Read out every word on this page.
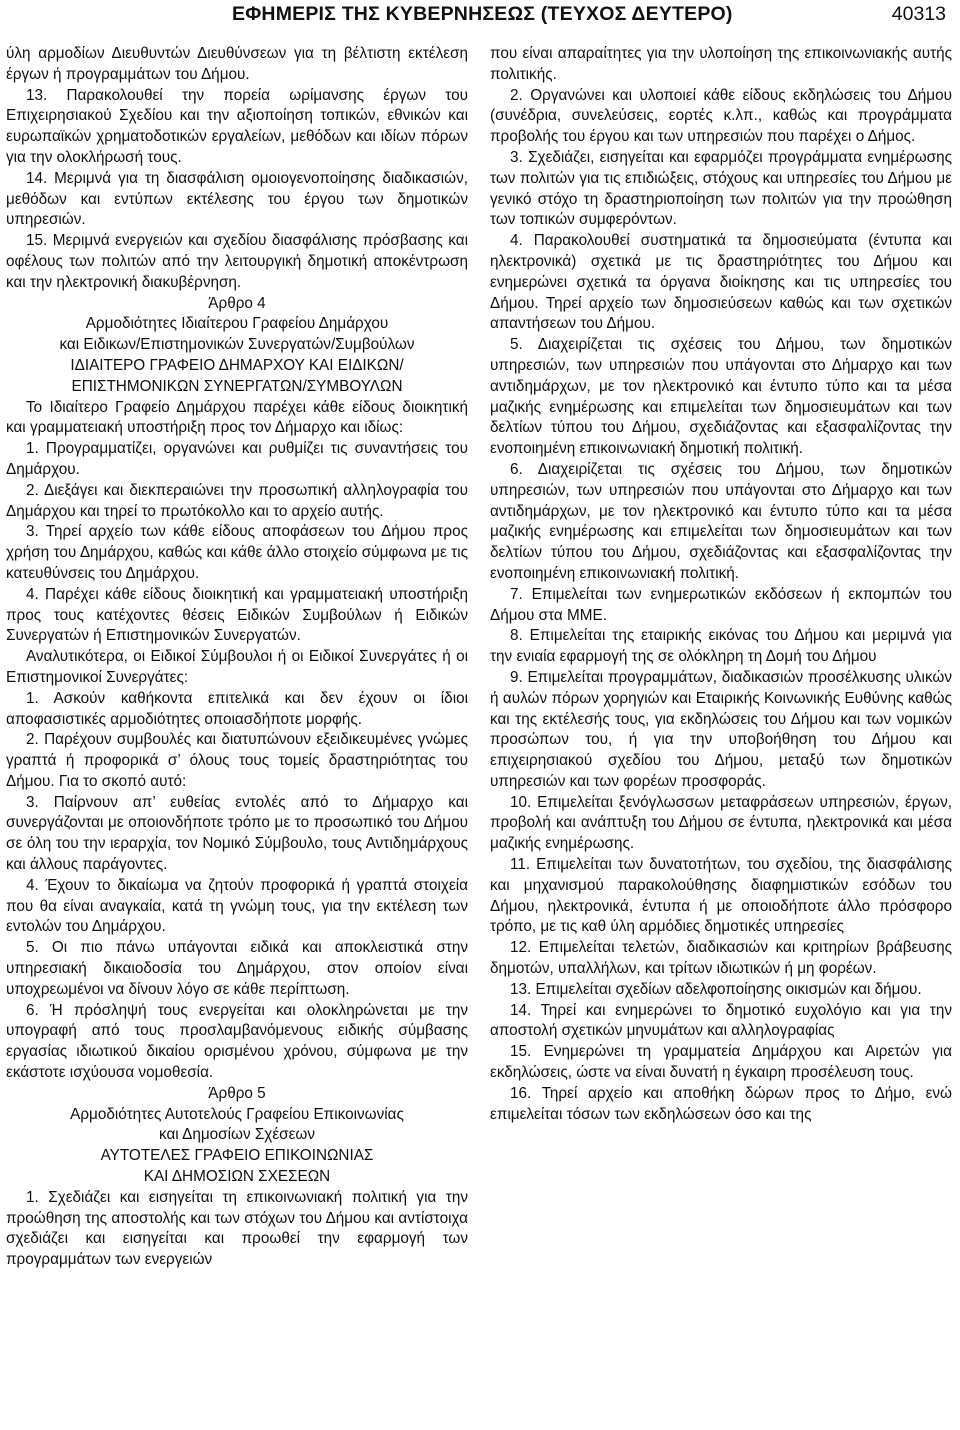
ΕΦΗΜΕΡΙΣ ΤΗΣ ΚΥΒΕΡΝΗΣΕΩΣ (ΤΕΥΧΟΣ ΔΕΥΤΕΡΟ)	40313

ύλη αρμοδίων Διευθυντών Διευθύνσεων για τη βέλτιστη εκτέλεση έργων ή προγραμμάτων του Δήμου.

13. Παρακολουθεί την πορεία ωρίμανσης έργων του Επιχειρησιακού Σχεδίου και την αξιοποίηση τοπικών, εθνικών και ευρωπαϊκών χρηματοδοτικών εργαλείων, μεθόδων και ιδίων πόρων για την ολοκλήρωσή τους.

14. Μεριμνά για τη διασφάλιση ομοιογενοποίησης διαδικασιών, μεθόδων και εντύπων εκτέλεσης του έργου των δημοτικών υπηρεσιών.

15. Μεριμνά ενεργειών και σχεδίου διασφάλισης πρόσβασης και οφέλους των πολιτών από την λειτουργική δημοτική αποκέντρωση και την ηλεκτρονική διακυβέρνηση.

Άρθρο 4

Αρμοδιότητες Ιδιαίτερου Γραφείου Δημάρχου

και Ειδικων/Επιστημονικών Συνεργατών/Συμβούλων

ΙΔΙΑΙΤΕΡΟ ΓΡΑΦΕΙΟ ΔΗΜΑΡΧΟΥ ΚΑΙ ΕΙΔΙΚΩΝ/

ΕΠΙΣΤΗΜΟΝΙΚΩΝ ΣΥΝΕΡΓΑΤΩΝ/ΣΥΜΒΟΥΛΩΝ

Το Ιδιαίτερο Γραφείο Δημάρχου παρέχει κάθε είδους διοικητική και γραμματειακή υποστήριξη προς τον Δήμαρχο και ιδίως:

1. Προγραμματίζει, οργανώνει και ρυθμίζει τις συναντήσεις του Δημάρχου.

2. Διεξάγει και διεκπεραιώνει την προσωπική αλληλογραφία του Δημάρχου και τηρεί το πρωτόκολλο και το αρχείο αυτής.

3. Τηρεί αρχείο των κάθε είδους αποφάσεων του Δήμου προς χρήση του Δημάρχου, καθώς και κάθε άλλο στοιχείο σύμφωνα με τις κατευθύνσεις του Δημάρχου.

4. Παρέχει κάθε είδους διοικητική και γραμματειακή υποστήριξη προς τους κατέχοντες θέσεις Ειδικών Συμβούλων ή Ειδικών Συνεργατών ή Επιστημονικών Συνεργατών.

Αναλυτικότερα, οι Ειδικοί Σύμβουλοι ή οι Ειδικοί Συνεργάτες ή οι Επιστημονικοί Συνεργάτες:

1. Ασκούν καθήκοντα επιτελικά και δεν έχουν οι ίδιοι αποφασιστικές αρμοδιότητες οποιασδήποτε μορφής.

2. Παρέχουν συμβουλές και διατυπώνουν εξειδικευμένες γνώμες γραπτά ή προφορικά σ’ όλους τους τομείς δραστηριότητας του Δήμου. Για το σκοπό αυτό:

3. Παίρνουν απ’ ευθείας εντολές από το Δήμαρχο και συνεργάζονται με οποιονδήποτε τρόπο με το προσωπικό του Δήμου σε όλη του την ιεραρχία, τον Νομικό Σύμβουλο, τους Αντιδημάρχους και άλλους παράγοντες.

4. Έχουν το δικαίωμα να ζητούν προφορικά ή γραπτά στοιχεία που θα είναι αναγκαία, κατά τη γνώμη τους, για την εκτέλεση των εντολών του Δημάρχου.

5. Οι πιο πάνω υπάγονται ειδικά και αποκλειστικά στην υπηρεσιακή δικαιοδοσία του Δημάρχου, στον οποίον είναι υποχρεωμένοι να δίνουν λόγο σε κάθε περίπτωση.

6. Ή πρόσληψή τους ενεργείται και ολοκληρώνεται με την υπογραφή από τους προσλαμβανόμενους ειδικής σύμβασης εργασίας ιδιωτικού δικαίου ορισμένου χρόνου, σύμφωνα με την εκάστοτε ισχύουσα νομοθεσία.

Άρθρο 5

Αρμοδιότητες Αυτοτελούς Γραφείου Επικοινωνίας

και Δημοσίων Σχέσεων

ΑΥΤΟΤΕΛΕΣ ΓΡΑΦΕΙΟ ΕΠΙΚΟΙΝΩΝΙΑΣ

ΚΑΙ ΔΗΜΟΣΙΩΝ ΣΧΕΣΕΩΝ

1. Σχεδιάζει και εισηγείται τη επικοινωνιακή πολιτική για την προώθηση της αποστολής και των στόχων του Δήμου και αντίστοιχα σχεδιάζει και εισηγείται και προωθεί την εφαρμογή των προγραμμάτων των ενεργειών

που είναι απαραίτητες για την υλοποίηση της επικοινωνιακής αυτής πολιτικής.

2. Οργανώνει και υλοποιεί κάθε είδους εκδηλώσεις του Δήμου (συνέδρια, συνελεύσεις, εορτές κ.λπ., καθώς και προγράμματα προβολής του έργου και των υπηρεσιών που παρέχει ο Δήμος.

3. Σχεδιάζει, εισηγείται και εφαρμόζει προγράμματα ενημέρωσης των πολιτών για τις επιδιώξεις, στόχους και υπηρεσίες του Δήμου με γενικό στόχο τη δραστηριοποίηση των πολιτών για την προώθηση των τοπικών συμφερόντων.

4. Παρακολουθεί συστηματικά τα δημοσιεύματα (έντυπα και ηλεκτρονικά) σχετικά με τις δραστηριότητες του Δήμου και ενημερώνει σχετικά τα όργανα διοίκησης και τις υπηρεσίες του Δήμου. Τηρεί αρχείο των δημοσιεύσεων καθώς και των σχετικών απαντήσεων του Δήμου.

5. Διαχειρίζεται τις σχέσεις του Δήμου, των δημοτικών υπηρεσιών, των υπηρεσιών που υπάγονται στο Δήμαρχο και των αντιδημάρχων, με τον ηλεκτρονικό και έντυπο τύπο και τα μέσα μαζικής ενημέρωσης και επιμελείται των δημοσιευμάτων και των δελτίων τύπου του Δήμου, σχεδιάζοντας και εξασφαλίζοντας την ενοποιημένη επικοινωνιακή δημοτική πολιτική.

6. Διαχειρίζεται τις σχέσεις του Δήμου, των δημοτικών υπηρεσιών, των υπηρεσιών που υπάγονται στο Δήμαρχο και των αντιδημάρχων, με τον ηλεκτρονικό και έντυπο τύπο και τα μέσα μαζικής ενημέρωσης και επιμελείται των δημοσιευμάτων και των δελτίων τύπου του Δήμου, σχεδιάζοντας και εξασφαλίζοντας την ενοποιημένη επικοινωνιακή πολιτική.

7. Επιμελείται των ενημερωτικών εκδόσεων ή εκπομπών του Δήμου στα ΜΜΕ.

8. Επιμελείται της εταιρικής εικόνας του Δήμου και μεριμνά για την ενιαία εφαρμογή της σε ολόκληρη τη Δομή του Δήμου

9. Επιμελείται προγραμμάτων, διαδικασιών προσέλκυσης υλικών ή αυλών πόρων χορηγιών και Εταιρικής Κοινωνικής Ευθύνης καθώς και της εκτέλεσής τους, για εκδηλώσεις του Δήμου και των νομικών προσώπων του, ή για την υποβοήθηση του Δήμου και επιχειρησιακού σχεδίου του Δήμου, μεταξύ των δημοτικών υπηρεσιών και των φορέων προσφοράς.

10. Επιμελείται ξενόγλωσσων μεταφράσεων υπηρεσιών, έργων, προβολή και ανάπτυξη του Δήμου σε έντυπα, ηλεκτρονικά και μέσα μαζικής ενημέρωσης.

11. Επιμελείται των δυνατοτήτων, του σχεδίου, της διασφάλισης και μηχανισμού παρακολούθησης διαφημιστικών εσόδων του Δήμου, ηλεκτρονικά, έντυπα ή με οποιοδήποτε άλλο πρόσφορο τρόπο, με τις καθ ύλη αρμόδιες δημοτικές υπηρεσίες

12. Επιμελείται τελετών, διαδικασιών και κριτηρίων βράβευσης δημοτών, υπαλλήλων, και τρίτων ιδιωτικών ή μη φορέων.

13. Επιμελείται σχεδίων αδελφοποίησης οικισμών και δήμου.

14. Τηρεί και ενημερώνει το δημοτικό ευχολόγιο και για την αποστολή σχετικών μηνυμάτων και αλληλογραφίας

15. Ενημερώνει τη γραμματεία Δημάρχου και Αιρετών για εκδηλώσεις, ώστε να είναι δυνατή η έγκαιρη προσέλευση τους.

16. Τηρεί αρχείο και αποθήκη δώρων προς το Δήμο, ενώ επιμελείται τόσων των εκδηλώσεων όσο και της
